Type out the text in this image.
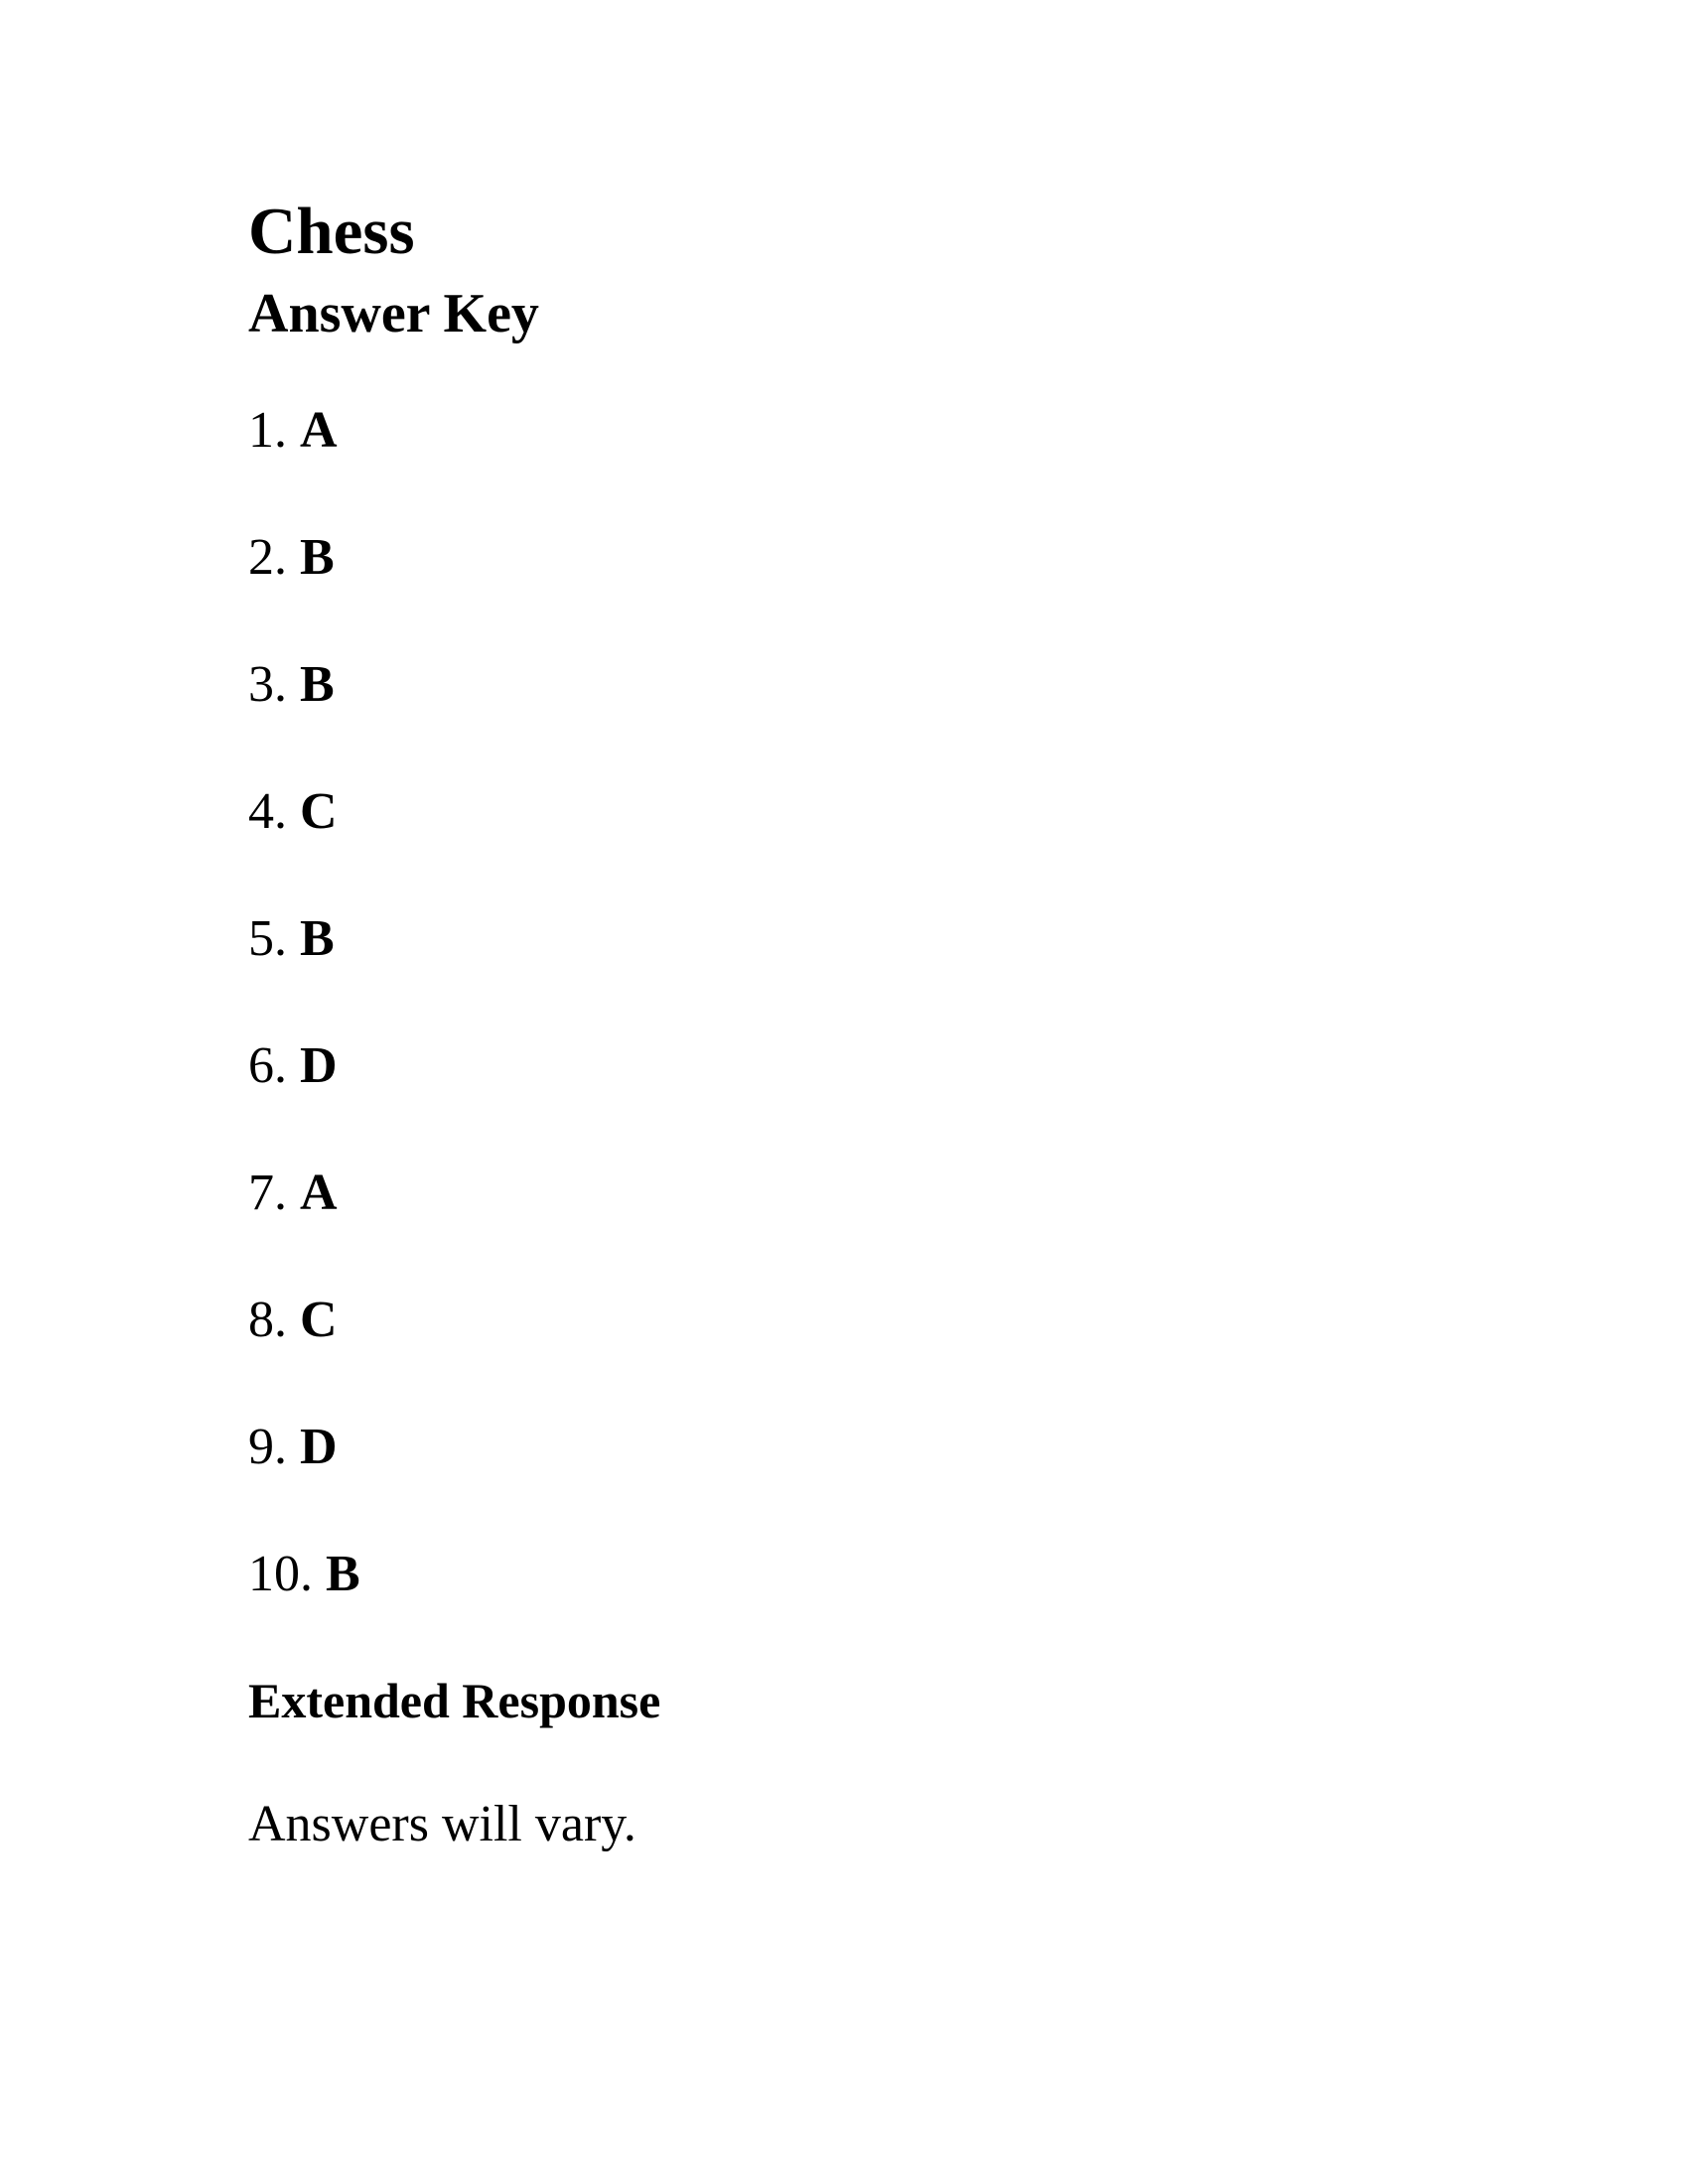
Chess
Answer Key
1. A
2. B
3. B
4. C
5. B
6. D
7. A
8. C
9. D
10. B
Extended Response

Answers will vary.
